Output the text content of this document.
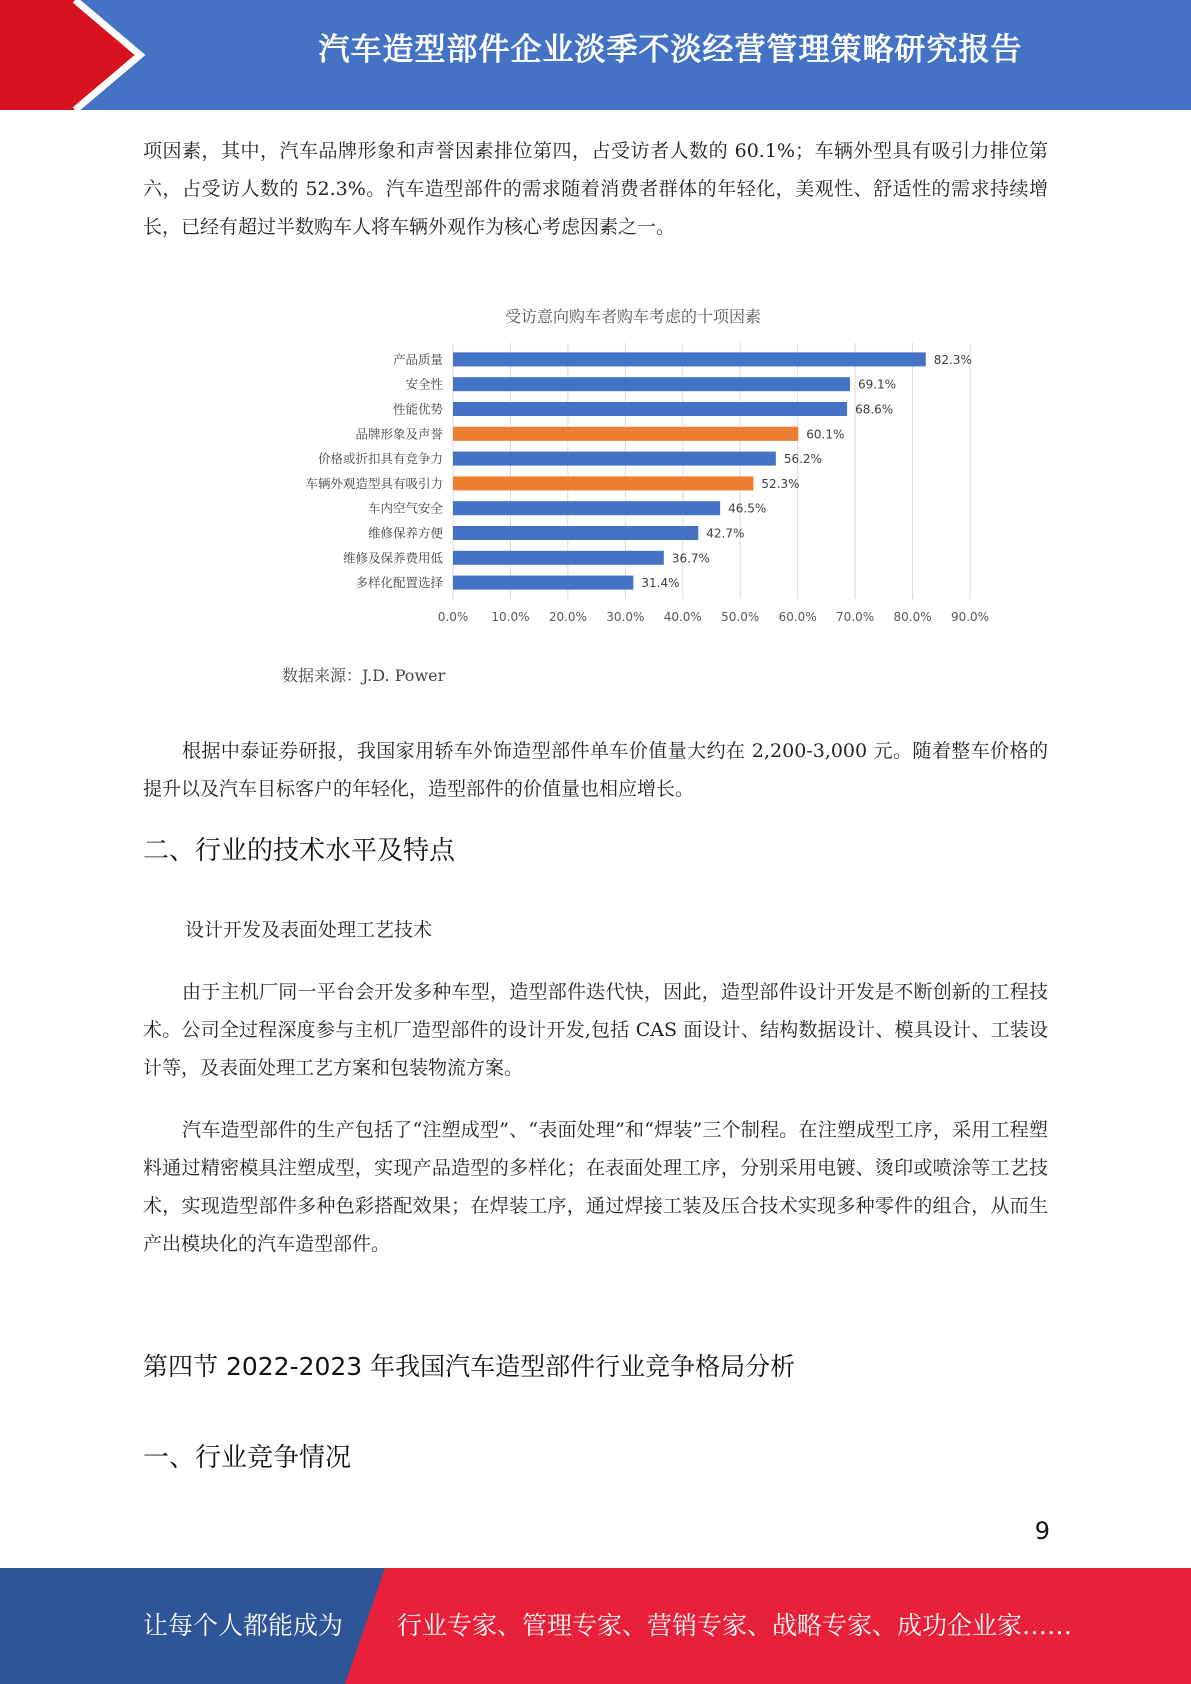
汽车造型部件企业淡季不淡经营管理策略研究报告
项因素，其中，汽车品牌形象和声誉因素排位第四，占受访者人数的 60.1%；车辆外型具有吸引力排位第六，占受访人数的 52.3%。汽车造型部件的需求随着消费者群体的年轻化，美观性、舒适性的需求持续增长，已经有超过半数购车人将车辆外观作为核心考虑因素之一。
受访意向购车者购车考虑的十项因素
产品质量
安全性
性能优势
品牌形象及声誉
价格或折扣具有竞争力
车辆外观造型具有吸引力
车内空气安全
维修保养方便
维修及保养费用低
多样化配置选择
82.3%
69.1%
68.6%
60.1%
56.2%
52.3%
46.5%
42.7%
36.7%
31.4%
0.0% 10.0% 20.0% 30.0% 40.0% 50.0% 60.0% 70.0% 80.0% 90.0%
数据来源：J.D. Power
根据中泰证券研报，我国家用轿车外饰造型部件单车价值量大约在 2,200-3,000 元。随着整车价格的提升以及汽车目标客户的年轻化，造型部件的价值量也相应增长。
二、行业的技术水平及特点
设计开发及表面处理工艺技术
由于主机厂同一平台会开发多种车型，造型部件迭代快，因此，造型部件设计开发是不断创新的工程技术。公司全过程深度参与主机厂造型部件的设计开发,包括 CAS 面设计、结构数据设计、模具设计、工装设计等，及表面处理工艺方案和包装物流方案。
汽车造型部件的生产包括了“注塑成型”、“表面处理”和“焊装”三个制程。在注塑成型工序，采用工程塑料通过精密模具注塑成型，实现产品造型的多样化；在表面处理工序，分别采用电镀、烫印或喷涂等工艺技术，实现造型部件多种色彩搭配效果；在焊装工序，通过焊接工装及压合技术实现多种零件的组合，从而生产出模块化的汽车造型部件。
第四节 2022-2023 年我国汽车造型部件行业竞争格局分析
一、行业竞争情况
9
让每个人都能成为 行业专家、管理专家、营销专家、战略专家、成功企业家……
